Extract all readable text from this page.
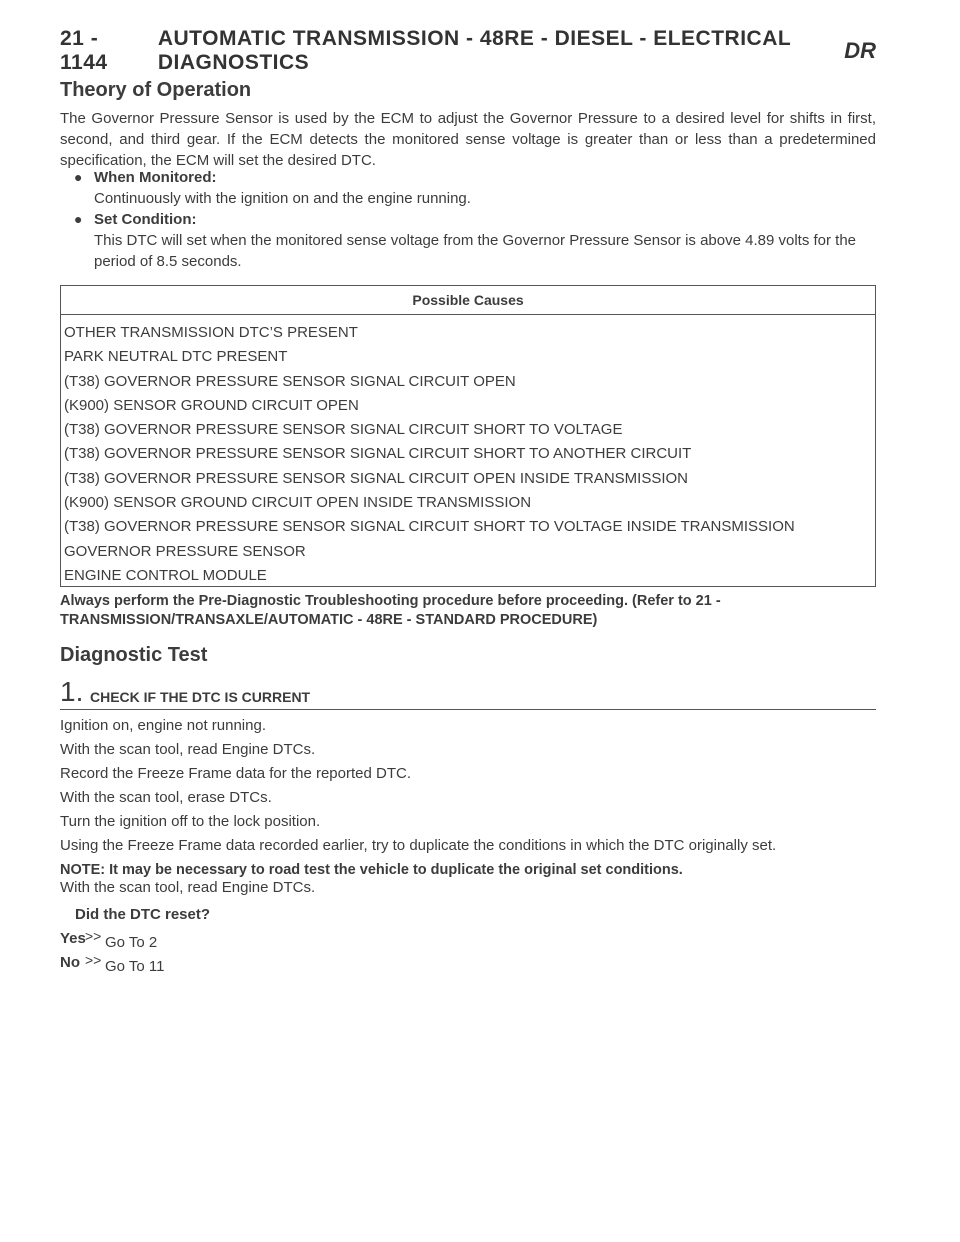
21 - 1144
AUTOMATIC TRANSMISSION - 48RE - DIESEL - ELECTRICAL DIAGNOSTICS	DR
Theory of Operation
The Governor Pressure Sensor is used by the ECM to adjust the Governor Pressure to a desired level for shifts in first, second, and third gear. If the ECM detects the monitored sense voltage is greater than or less than a predetermined specification, the ECM will set the desired DTC.
● When Monitored:
Continuously with the ignition on and the engine running.
● Set Condition:
This DTC will set when the monitored sense voltage from the Governor Pressure Sensor is above 4.89 volts for the period of 8.5 seconds.
Possible Causes
OTHER TRANSMISSION DTC’S PRESENT
PARK NEUTRAL DTC PRESENT
(T38) GOVERNOR PRESSURE SENSOR SIGNAL CIRCUIT OPEN
(K900) SENSOR GROUND CIRCUIT OPEN
(T38) GOVERNOR PRESSURE SENSOR SIGNAL CIRCUIT SHORT TO VOLTAGE
(T38) GOVERNOR PRESSURE SENSOR SIGNAL CIRCUIT SHORT TO ANOTHER CIRCUIT
(T38) GOVERNOR PRESSURE SENSOR SIGNAL CIRCUIT OPEN INSIDE TRANSMISSION
(K900) SENSOR GROUND CIRCUIT OPEN INSIDE TRANSMISSION
(T38) GOVERNOR PRESSURE SENSOR SIGNAL CIRCUIT SHORT TO VOLTAGE INSIDE TRANSMISSION
GOVERNOR PRESSURE SENSOR
ENGINE CONTROL MODULE
Always perform the Pre-Diagnostic Troubleshooting procedure before proceeding. (Refer to 21 - TRANSMISSION/TRANSAXLE/AUTOMATIC - 48RE - STANDARD PROCEDURE)
Diagnostic Test
1. CHECK IF THE DTC IS CURRENT
Ignition on, engine not running.
With the scan tool, read Engine DTCs.
Record the Freeze Frame data for the reported DTC.
With the scan tool, erase DTCs.
Turn the ignition off to the lock position.
Using the Freeze Frame data recorded earlier, try to duplicate the conditions in which the DTC originally set.
NOTE: It may be necessary to road test the vehicle to duplicate the original set conditions.
With the scan tool, read Engine DTCs.
Did the DTC reset?
Yes >> Go To 2
No >> Go To 11
